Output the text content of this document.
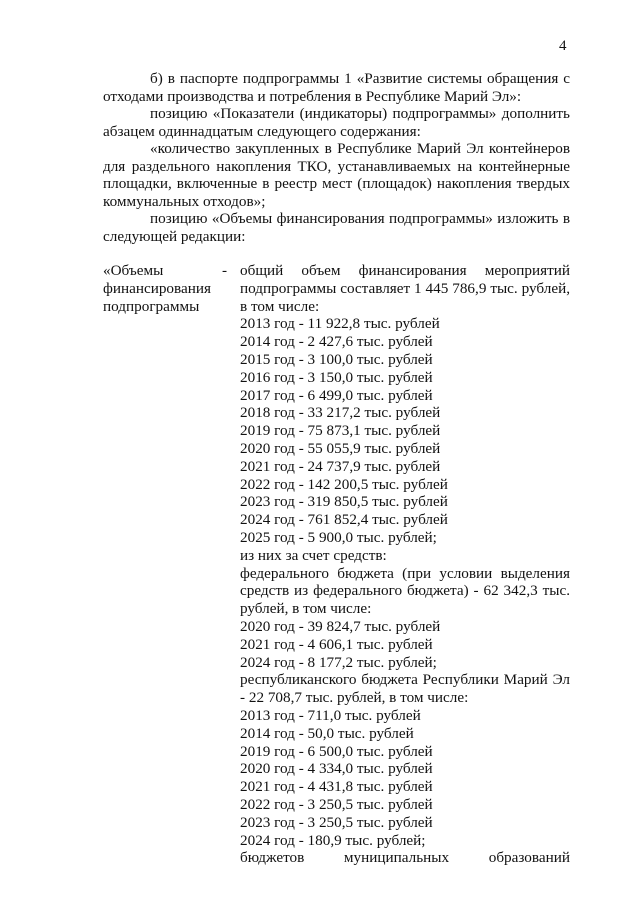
4
б) в паспорте подпрограммы 1 «Развитие системы обращения с отходами производства и потребления в Республике Марий Эл»:
позицию «Показатели (индикаторы) подпрограммы» дополнить абзацем одиннадцатым следующего содержания:
«количество закупленных в Республике Марий Эл контейнеров для раздельного накопления ТКО, устанавливаемых на контейнерные площадки, включенные в реестр мест (площадок) накопления твердых коммунальных отходов»;
позицию «Объемы финансирования подпрограммы» изложить в следующей редакции:
«Объемы финансирования подпрограммы
- общий объем финансирования мероприятий подпрограммы составляет 1 445 786,9 тыс. рублей, в том числе:
2013 год - 11 922,8 тыс. рублей
2014 год - 2 427,6 тыс. рублей
2015 год - 3 100,0 тыс. рублей
2016 год - 3 150,0 тыс. рублей
2017 год - 6 499,0 тыс. рублей
2018 год - 33 217,2 тыс. рублей
2019 год - 75 873,1 тыс. рублей
2020 год - 55 055,9 тыс. рублей
2021 год - 24 737,9 тыс. рублей
2022 год - 142 200,5 тыс. рублей
2023 год - 319 850,5 тыс. рублей
2024 год - 761 852,4 тыс. рублей
2025 год - 5 900,0 тыс. рублей;
из них за счет средств:
федерального бюджета (при условии выделения средств из федерального бюджета) - 62 342,3 тыс. рублей, в том числе:
2020 год - 39 824,7 тыс. рублей
2021 год - 4 606,1 тыс. рублей
2024 год - 8 177,2 тыс. рублей;
республиканского бюджета Республики Марий Эл - 22 708,7 тыс. рублей, в том числе:
2013 год - 711,0 тыс. рублей
2014 год - 50,0 тыс. рублей
2019 год - 6 500,0 тыс. рублей
2020 год - 4 334,0 тыс. рублей
2021 год - 4 431,8 тыс. рублей
2022 год - 3 250,5 тыс. рублей
2023 год - 3 250,5 тыс. рублей
2024 год - 180,9 тыс. рублей;
бюджетов муниципальных образований
